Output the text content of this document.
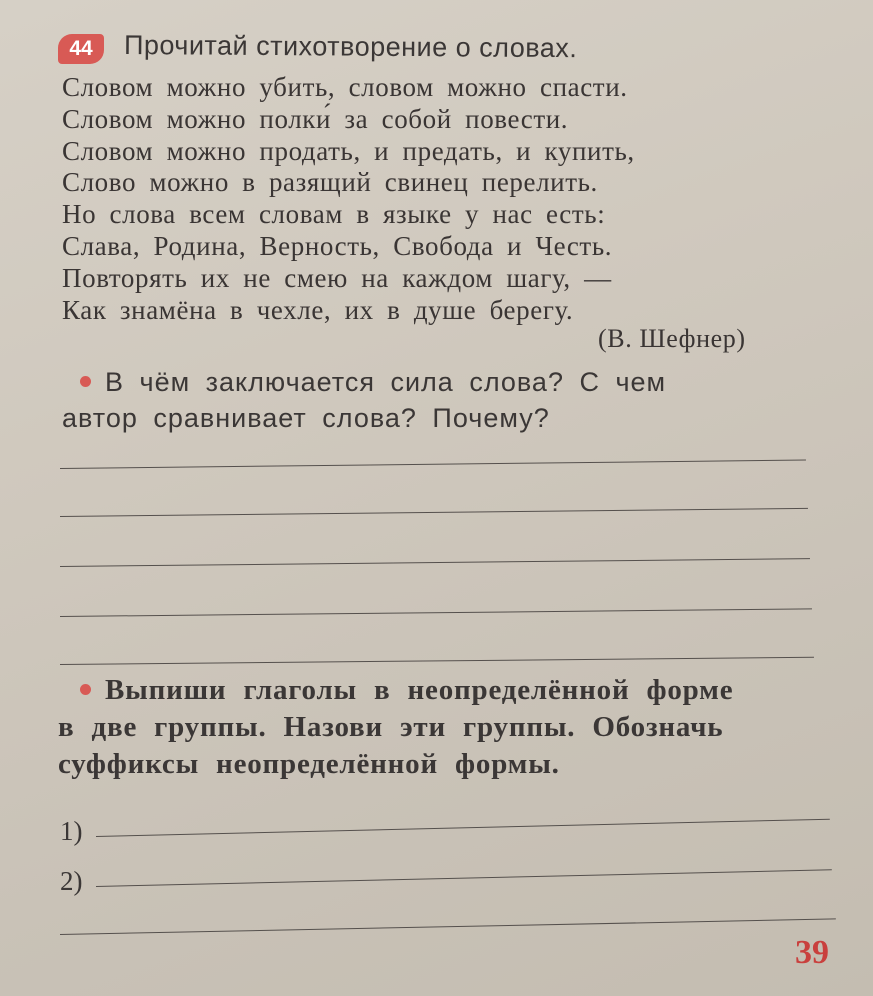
44	Прочитай стихотворение о словах.
Словом можно убить, словом можно спасти.
Словом можно полки́ за собой повести.
Словом можно продать, и предать, и купить,
Слово можно в разящий свинец перелить.
Но слова всем словам в языке у нас есть:
Слава, Родина, Верность, Свобода и Честь.
Повторять их не смею на каждом шагу, —
Как знамёна в чехле, их в душе берегу.
(В. Шефнер)
В чём заключается сила слова? С чем
автор сравнивает слова? Почему?
Выпиши глаголы в неопределённой форме
в две группы. Назови эти группы. Обозначь
суффиксы неопределённой формы.
1)
2)
39
